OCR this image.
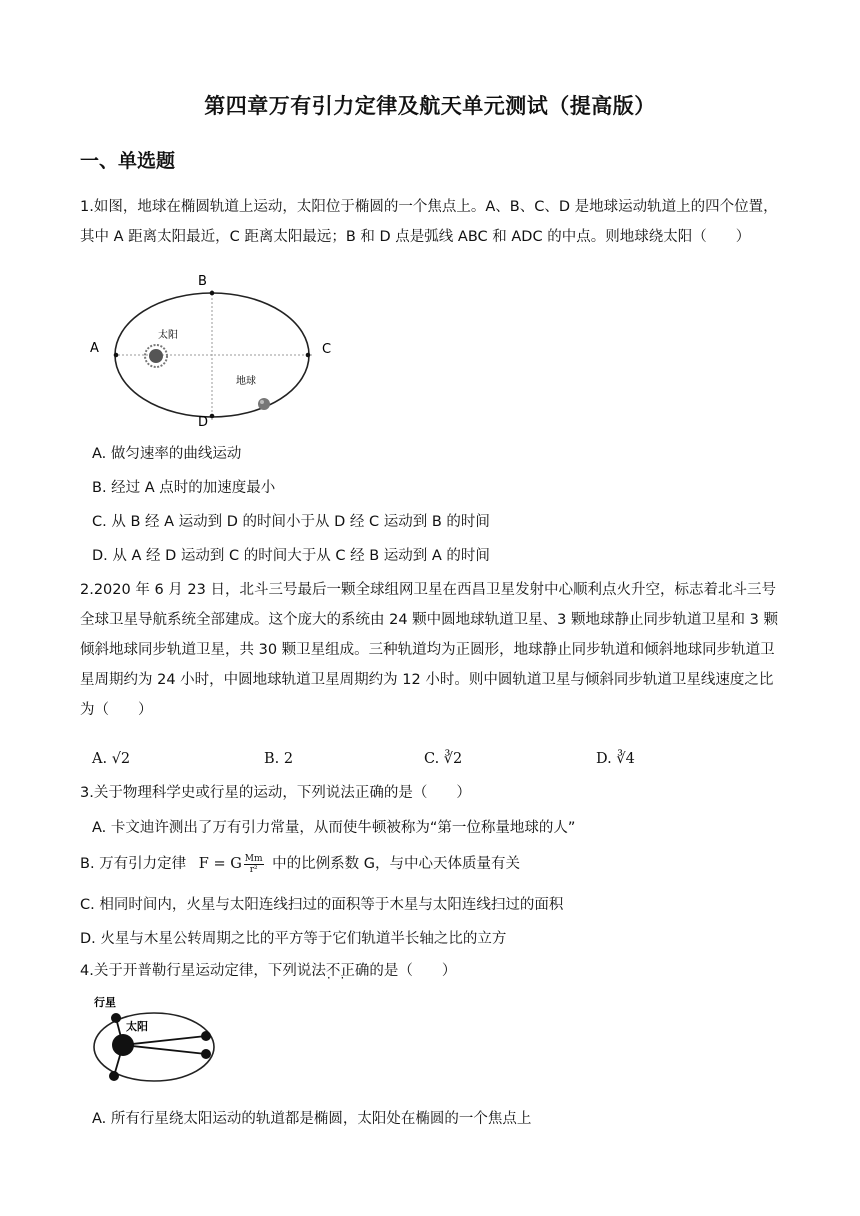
第四章万有引力定律及航天单元测试（提高版）
一、单选题

1.如图，地球在椭圆轨道上运动，太阳位于椭圆的一个焦点上。A、B、C、D 是地球运动轨道上的四个位置，其中 A 距离太阳最近，C 距离太阳最远；B 和 D 点是弧线 ABC 和 ADC 的中点。则地球绕太阳（　　）

A
B
C
D
太阳
地球
A. 做匀速率的曲线运动
B. 经过 A 点时的加速度最小
C. 从 B 经 A 运动到 D 的时间小于从 D 经 C 运动到 B 的时间
D. 从 A 经 D 运动到 C 的时间大于从 C 经 B 运动到 A 的时间

2.2020 年 6 月 23 日，北斗三号最后一颗全球组网卫星在西昌卫星发射中心顺利点火升空，标志着北斗三号全球卫星导航系统全部建成。这个庞大的系统由 24 颗中圆地球轨道卫星、3 颗地球静止同步轨道卫星和 3 颗倾斜地球同步轨道卫星，共 30 颗卫星组成。三种轨道均为正圆形，地球静止同步轨道和倾斜地球同步轨道卫星周期约为 24 小时，中圆地球轨道卫星周期约为 12 小时。则中圆轨道卫星与倾斜同步轨道卫星线速度之比为（　　）

A. √2	B. 2	C. ∛2	D. ∛4
3.关于物理科学史或行星的运动，下列说法正确的是（　　）
A. 卡文迪许测出了万有引力常量，从而使牛顿被称为“第一位称量地球的人”
B. 万有引力定律 F = G $\frac{Mm}{\text{r²}}$ 中的比例系数 G，与中心天体质量有关
C. 相同时间内，火星与太阳连线扫过的面积等于木星与太阳连线扫过的面积
D. 火星与木星公转周期之比的平方等于它们轨道半长轴之比的立方
4.关于开普勒行星运动定律，下列说法不正确 · ·的是（　　）
行星
太阳
A. 所有行星绕太阳运动的轨道都是椭圆，太阳处在椭圆的一个焦点上
